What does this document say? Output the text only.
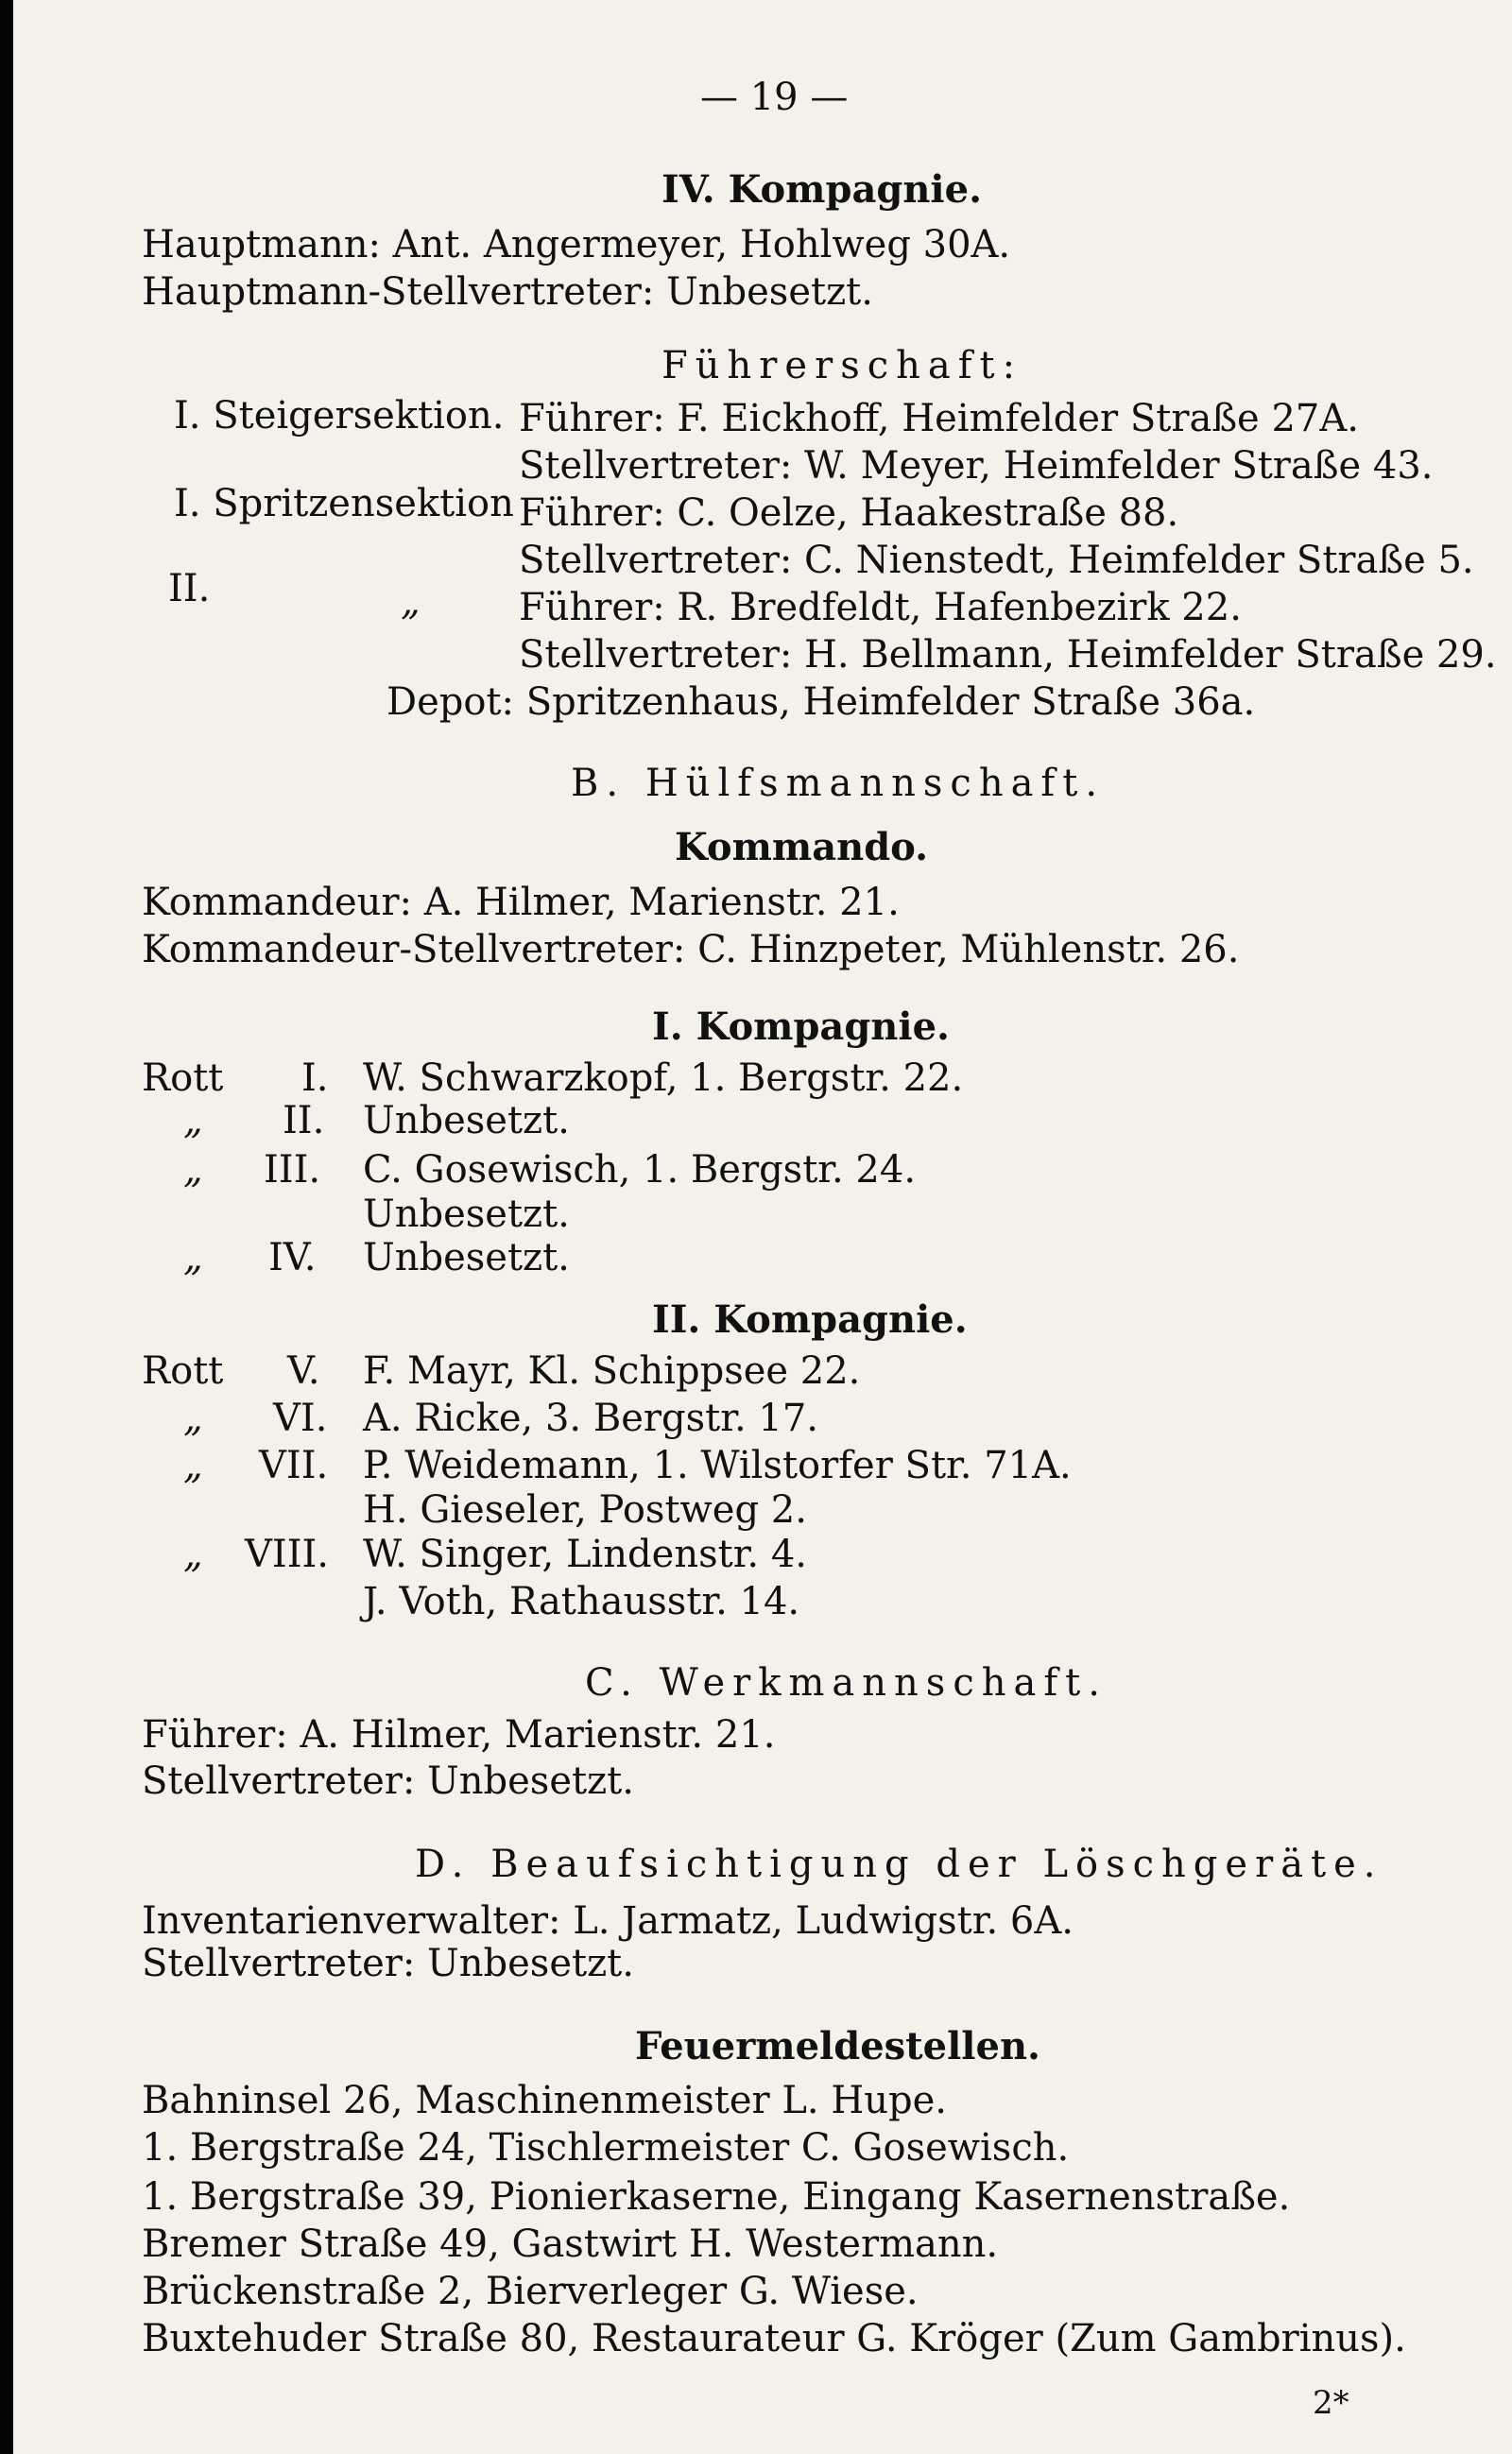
— 19 —
IV. Kompagnie.
Hauptmann: Ant. Angermeyer, Hohlweg 30A.
Hauptmann-Stellvertreter: Unbesetzt.
Führerschaft:
I. Steigersektion. Führer: F. Eickhoff, Heimfelder Straße 27A.
Stellvertreter: W. Meyer, Heimfelder Straße 43.
I. Spritzensektion Führer: C. Oelze, Haakestraße 88.
Stellvertreter: C. Nienstedt, Heimfelder Straße 5.
II.	„	Führer: R. Bredfeldt, Hafenbezirk 22.
Stellvertreter: H. Bellmann, Heimfelder Straße 29.
Depot: Spritzenhaus, Heimfelder Straße 36a.
B. Hülfsmannschaft.
Kommando.
Kommandeur: A. Hilmer, Marienstr. 21.
Kommandeur-Stellvertreter: C. Hinzpeter, Mühlenstr. 26.
I. Kompagnie.
Rott I. W. Schwarzkopf, 1. Bergstr. 22.
„ II. Unbesetzt.
„ III. C. Gosewisch, 1. Bergstr. 24.
Unbesetzt.
„ IV. Unbesetzt.
II. Kompagnie.
Rott V. F. Mayr, Kl. Schippsee 22.
„ VI. A. Ricke, 3. Bergstr. 17.
„ VII. P. Weidemann, 1. Wilstorfer Str. 71A.
H. Gieseler, Postweg 2.
„ VIII. W. Singer, Lindenstr. 4.
J. Voth, Rathausstr. 14.
C. Werkmannschaft.
Führer: A. Hilmer, Marienstr. 21.
Stellvertreter: Unbesetzt.
D. Beaufsichtigung der Löschgeräte.
Inventarienverwalter: L. Jarmatz, Ludwigstr. 6A.
Stellvertreter: Unbesetzt.
Feuermeldestellen.
Bahninsel 26, Maschinenmeister L. Hupe.
1. Bergstraße 24, Tischlermeister C. Gosewisch.
1. Bergstraße 39, Pionierkaserne, Eingang Kasernenstraße.
Bremer Straße 49, Gastwirt H. Westermann.
Brückenstraße 2, Bierverleger G. Wiese.
Buxtehuder Straße 80, Restaurateur G. Kröger (Zum Gambrinus).
2*
